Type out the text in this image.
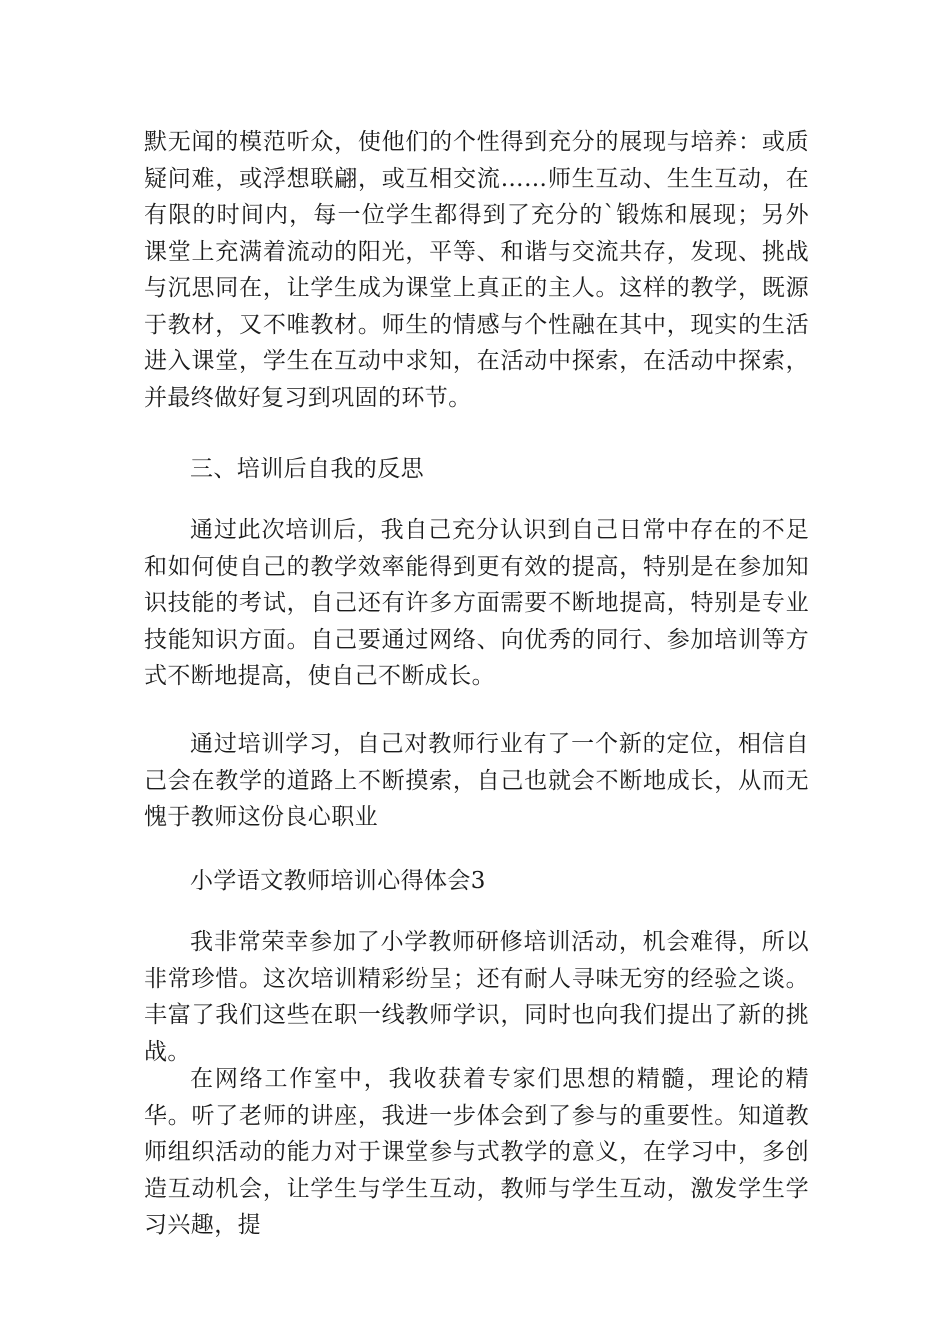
默无闻的模范听众，使他们的个性得到充分的展现与培养：或质疑问难，或浮想联翩，或互相交流……师生互动、生生互动，在有限的时间内，每一位学生都得到了充分的`锻炼和展现；另外课堂上充满着流动的阳光，平等、和谐与交流共存，发现、挑战与沉思同在，让学生成为课堂上真正的主人。这样的教学，既源于教材，又不唯教材。师生的情感与个性融在其中，现实的生活进入课堂，学生在互动中求知，在活动中探索，在活动中探索，并最终做好复习到巩固的环节。

三、培训后自我的反思

通过此次培训后，我自己充分认识到自己日常中存在的不足和如何使自己的教学效率能得到更有效的提高，特别是在参加知识技能的考试，自己还有许多方面需要不断地提高，特别是专业技能知识方面。自己要通过网络、向优秀的同行、参加培训等方式不断地提高，使自己不断成长。

通过培训学习，自己对教师行业有了一个新的定位，相信自己会在教学的道路上不断摸索，自己也就会不断地成长，从而无愧于教师这份良心职业

小学语文教师培训心得体会3

我非常荣幸参加了小学教师研修培训活动，机会难得，所以非常珍惜。这次培训精彩纷呈；还有耐人寻味无穷的经验之谈。丰富了我们这些在职一线教师学识，同时也向我们提出了新的挑战。

在网络工作室中，我收获着专家们思想的精髓，理论的精华。听了老师的讲座，我进一步体会到了参与的重要性。知道教师组织活动的能力对于课堂参与式教学的意义，在学习中，多创造互动机会，让学生与学生互动，教师与学生互动，激发学生学习兴趣，提
